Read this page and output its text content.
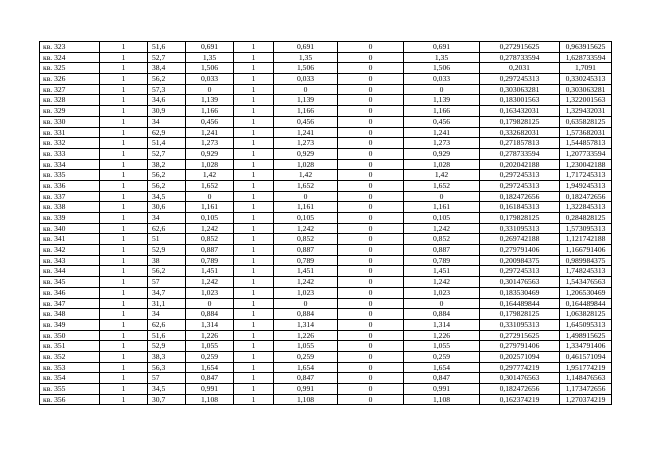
кв. 323	1	51,6	0,691	1	0,691	0	0,691	0,272915625	0,963915625
кв. 324	1	52,7	1,35	1	1,35	0	1,35	0,278733594	1,628733594
кв. 325	1	38,4	1,506	1	1,506	0	1,506	0,2031	1,7091
кв. 326	1	56,2	0,033	1	0,033	0	0,033	0,297245313	0,330245313
кв. 327	1	57,3	0	1	0	0	0	0,303063281	0,303063281
кв. 328	1	34,6	1,139	1	1,139	0	1,139	0,183001563	1,322001563
кв. 329	1	30,9	1,166	1	1,166	0	1,166	0,163432031	1,329432031
кв. 330	1	34	0,456	1	0,456	0	0,456	0,179828125	0,635828125
кв. 331	1	62,9	1,241	1	1,241	0	1,241	0,332682031	1,573682031
кв. 332	1	51,4	1,273	1	1,273	0	1,273	0,271857813	1,544857813
кв. 333	1	52,7	0,929	1	0,929	0	0,929	0,278733594	1,207733594
кв. 334	1	38,2	1,028	1	1,028	0	1,028	0,202042188	1,230042188
кв. 335	1	56,2	1,42	1	1,42	0	1,42	0,297245313	1,717245313
кв. 336	1	56,2	1,652	1	1,652	0	1,652	0,297245313	1,949245313
кв. 337	1	34,5	0	1	0	0	0	0,182472656	0,182472656
кв. 338	1	30,6	1,161	1	1,161	0	1,161	0,161845313	1,322845313
кв. 339	1	34	0,105	1	0,105	0	0,105	0,179828125	0,284828125
кв. 340	1	62,6	1,242	1	1,242	0	1,242	0,331095313	1,573095313
кв. 341	1	51	0,852	1	0,852	0	0,852	0,269742188	1,121742188
кв. 342	1	52,9	0,887	1	0,887	0	0,887	0,279791406	1,166791406
кв. 343	1	38	0,789	1	0,789	0	0,789	0,200984375	0,989984375
кв. 344	1	56,2	1,451	1	1,451	0	1,451	0,297245313	1,748245313
кв. 345	1	57	1,242	1	1,242	0	1,242	0,301476563	1,543476563
кв. 346	1	34,7	1,023	1	1,023	0	1,023	0,183530469	1,206530469
кв. 347	1	31,1	0	1	0	0	0	0,164489844	0,164489844
кв. 348	1	34	0,884	1	0,884	0	0,884	0,179828125	1,063828125
кв. 349	1	62,6	1,314	1	1,314	0	1,314	0,331095313	1,645095313
кв. 350	1	51,6	1,226	1	1,226	0	1,226	0,272915625	1,498915625
кв. 351	1	52,9	1,055	1	1,055	0	1,055	0,279791406	1,334791406
кв. 352	1	38,3	0,259	1	0,259	0	0,259	0,202571094	0,461571094
кв. 353	1	56,3	1,654	1	1,654	0	1,654	0,297774219	1,951774219
кв. 354	1	57	0,847	1	0,847	0	0,847	0,301476563	1,148476563
кв. 355	1	34,5	0,991	1	0,991	0	0,991	0,182472656	1,173472656
кв. 356	1	30,7	1,108	1	1,108	0	1,108	0,162374219	1,270374219
